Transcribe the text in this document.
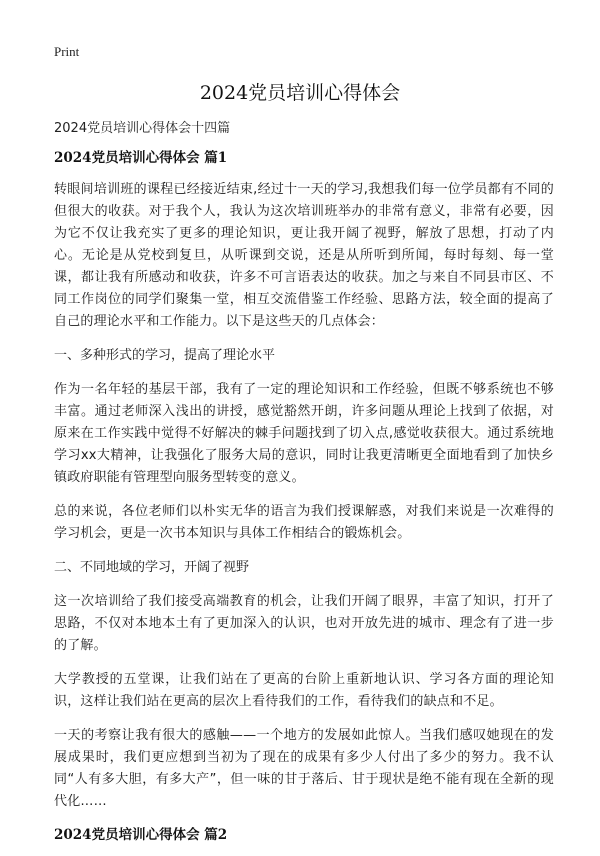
Print
2024党员培训心得体会
2024党员培训心得体会十四篇
2024党员培训心得体会 篇1

转眼间培训班的课程已经接近结束,经过十一天的学习,我想我们每一位学员都有不同的但很大的收获。对于我个人，我认为这次培训班举办的非常有意义，非常有必要，因为它不仅让我充实了更多的理论知识，更让我开阔了视野，解放了思想，打动了内心。无论是从党校到复旦，从听课到交说，还是从所听到所闻，每时每刻、每一堂课，都让我有所感动和收获，许多不可言语表达的收获。加之与来自不同县市区、不同工作岗位的同学们聚集一堂，相互交流借鉴工作经验、思路方法，较全面的提高了自己的理论水平和工作能力。以下是这些天的几点体会：

一、多种形式的学习，提高了理论水平

作为一名年轻的基层干部，我有了一定的理论知识和工作经验，但既不够系统也不够丰富。通过老师深入浅出的讲授，感觉豁然开朗，许多问题从理论上找到了依据，对原来在工作实践中觉得不好解决的棘手问题找到了切入点,感觉收获很大。通过系统地学习xx大精神，让我强化了服务大局的意识，同时让我更清晰更全面地看到了加快乡镇政府职能有管理型向服务型转变的意义。

总的来说，各位老师们以朴实无华的语言为我们授课解惑，对我们来说是一次难得的学习机会，更是一次书本知识与具体工作相结合的锻炼机会。

二、不同地域的学习，开阔了视野

这一次培训给了我们接受高端教育的机会，让我们开阔了眼界，丰富了知识，打开了思路，不仅对本地本土有了更加深入的认识，也对开放先进的城市、理念有了进一步的了解。

大学教授的五堂课，让我们站在了更高的台阶上重新地认识、学习各方面的理论知识，这样让我们站在更高的层次上看待我们的工作，看待我们的缺点和不足。

一天的考察让我有很大的感触——一个地方的发展如此惊人。当我们感叹她现在的发展成果时，我们更应想到当初为了现在的成果有多少人付出了多少的努力。我不认同“人有多大胆，有多大产”，但一味的甘于落后、甘于现状是绝不能有现在全新的现代化……

2024党员培训心得体会 篇2
